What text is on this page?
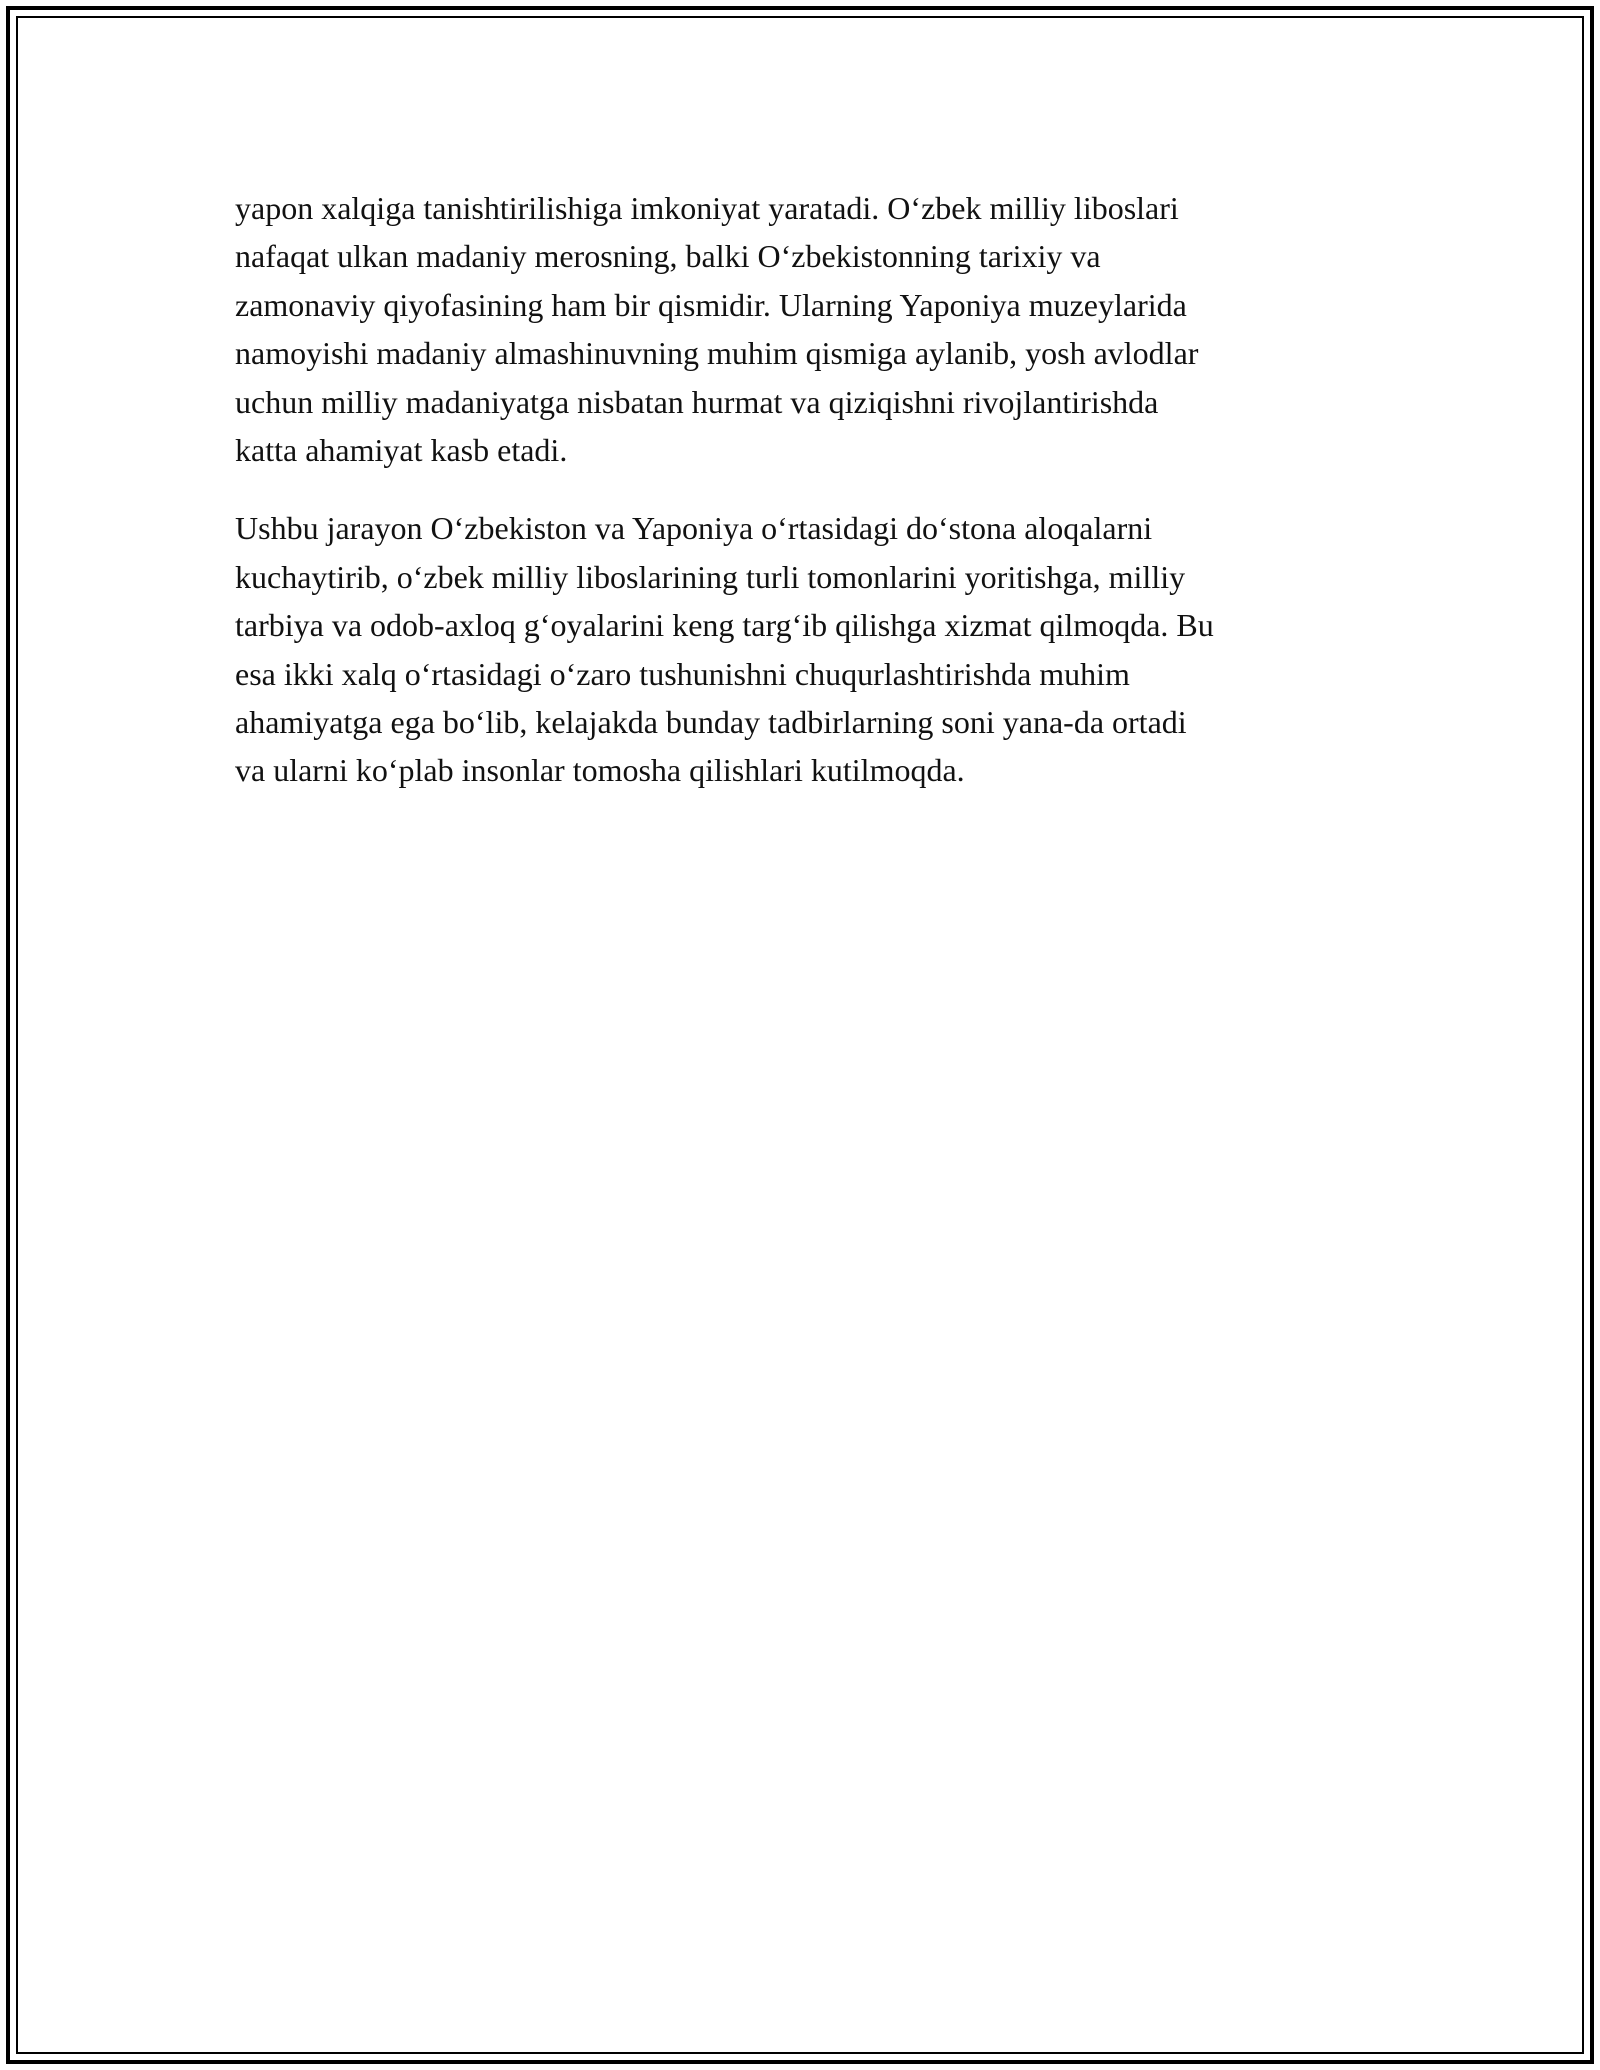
yapon xalqiga tanishtirilishiga imkoniyat yaratadi. O‘zbek milliy liboslari
nafaqat ulkan madaniy merosning, balki O‘zbekistonning tarixiy va
zamonaviy qiyofasining ham bir qismidir. Ularning Yaponiya muzeylarida
namoyishi madaniy almashinuvning muhim qismiga aylanib, yosh avlodlar
uchun milliy madaniyatga nisbatan hurmat va qiziqishni rivojlantirishda
katta ahamiyat kasb etadi.

Ushbu jarayon O‘zbekiston va Yaponiya o‘rtasidagi do‘stona aloqalarni
kuchaytirib, o‘zbek milliy liboslarining turli tomonlarini yoritishga, milliy
tarbiya va odob-axloq g‘oyalarini keng targ‘ib qilishga xizmat qilmoqda. Bu
esa ikki xalq o‘rtasidagi o‘zaro tushunishni chuqurlashtirishda muhim
ahamiyatga ega bo‘lib, kelajakda bunday tadbirlarning soni yana-da ortadi
va ularni ko‘plab insonlar tomosha qilishlari kutilmoqda.
